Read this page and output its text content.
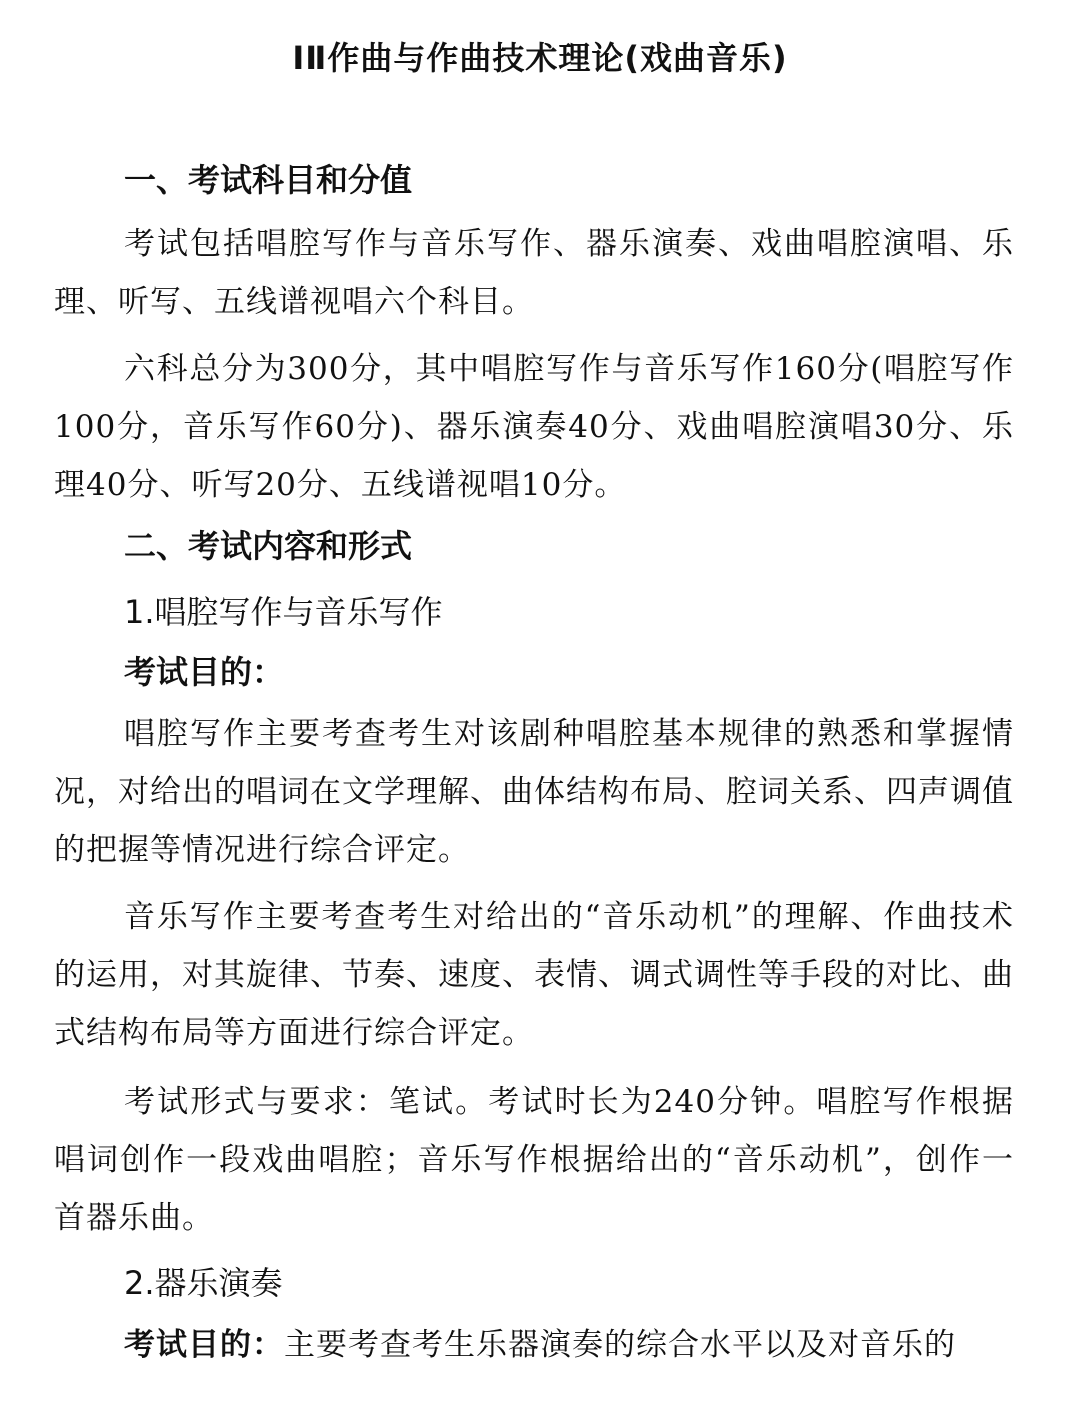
ⅠⅡ作曲与作曲技术理论(戏曲音乐)
一、考试科目和分值
考试包括唱腔写作与音乐写作、器乐演奏、戏曲唱腔演唱、乐理、听写、五线谱视唱六个科目。
六科总分为300分，其中唱腔写作与音乐写作160分(唱腔写作100分，音乐写作60分)、器乐演奏40分、戏曲唱腔演唱30分、乐理40分、听写20分、五线谱视唱10分。
二、考试内容和形式
1.唱腔写作与音乐写作
考试目的：
唱腔写作主要考查考生对该剧种唱腔基本规律的熟悉和掌握情况，对给出的唱词在文学理解、曲体结构布局、腔词关系、四声调值的把握等情况进行综合评定。
音乐写作主要考查考生对给出的“音乐动机”的理解、作曲技术的运用，对其旋律、节奏、速度、表情、调式调性等手段的对比、曲式结构布局等方面进行综合评定。
考试形式与要求：笔试。考试时长为240分钟。唱腔写作根据唱词创作一段戏曲唱腔；音乐写作根据给出的“音乐动机”，创作一首器乐曲。
2.器乐演奏
考试目的：主要考查考生乐器演奏的综合水平以及对音乐的
